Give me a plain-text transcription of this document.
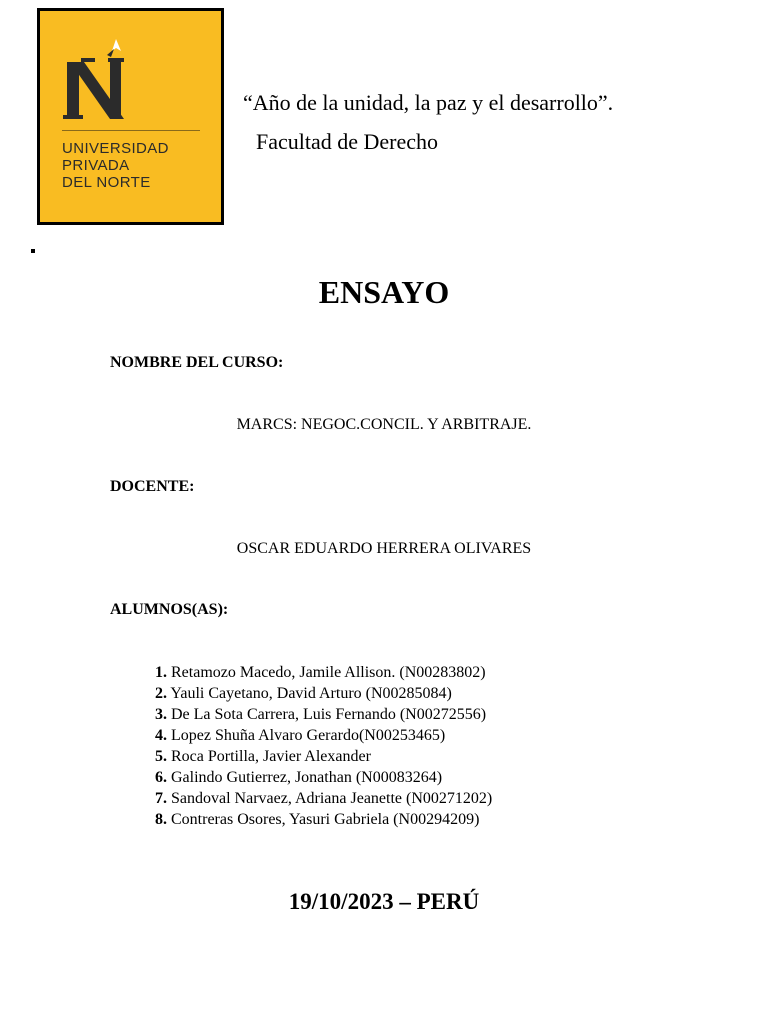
UNIVERSIDAD
PRIVADA
DEL NORTE
“Año de la unidad, la paz y el desarrollo”.
Facultad de Derecho
ENSAYO
NOMBRE DEL CURSO:
MARCS: NEGOC.CONCIL. Y ARBITRAJE.
DOCENTE:
OSCAR EDUARDO HERRERA OLIVARES
ALUMNOS(AS):
1. Retamozo Macedo, Jamile Allison. (N00283802)
2. Yauli Cayetano, David Arturo (N00285084)
3. De La Sota Carrera, Luis Fernando (N00272556)
4. Lopez Shuña Alvaro Gerardo(N00253465)
5. Roca Portilla, Javier Alexander
6. Galindo Gutierrez, Jonathan (N00083264)
7. Sandoval Narvaez, Adriana Jeanette (N00271202)
8. Contreras Osores, Yasuri Gabriela (N00294209)
19/10/2023 – PERÚ
